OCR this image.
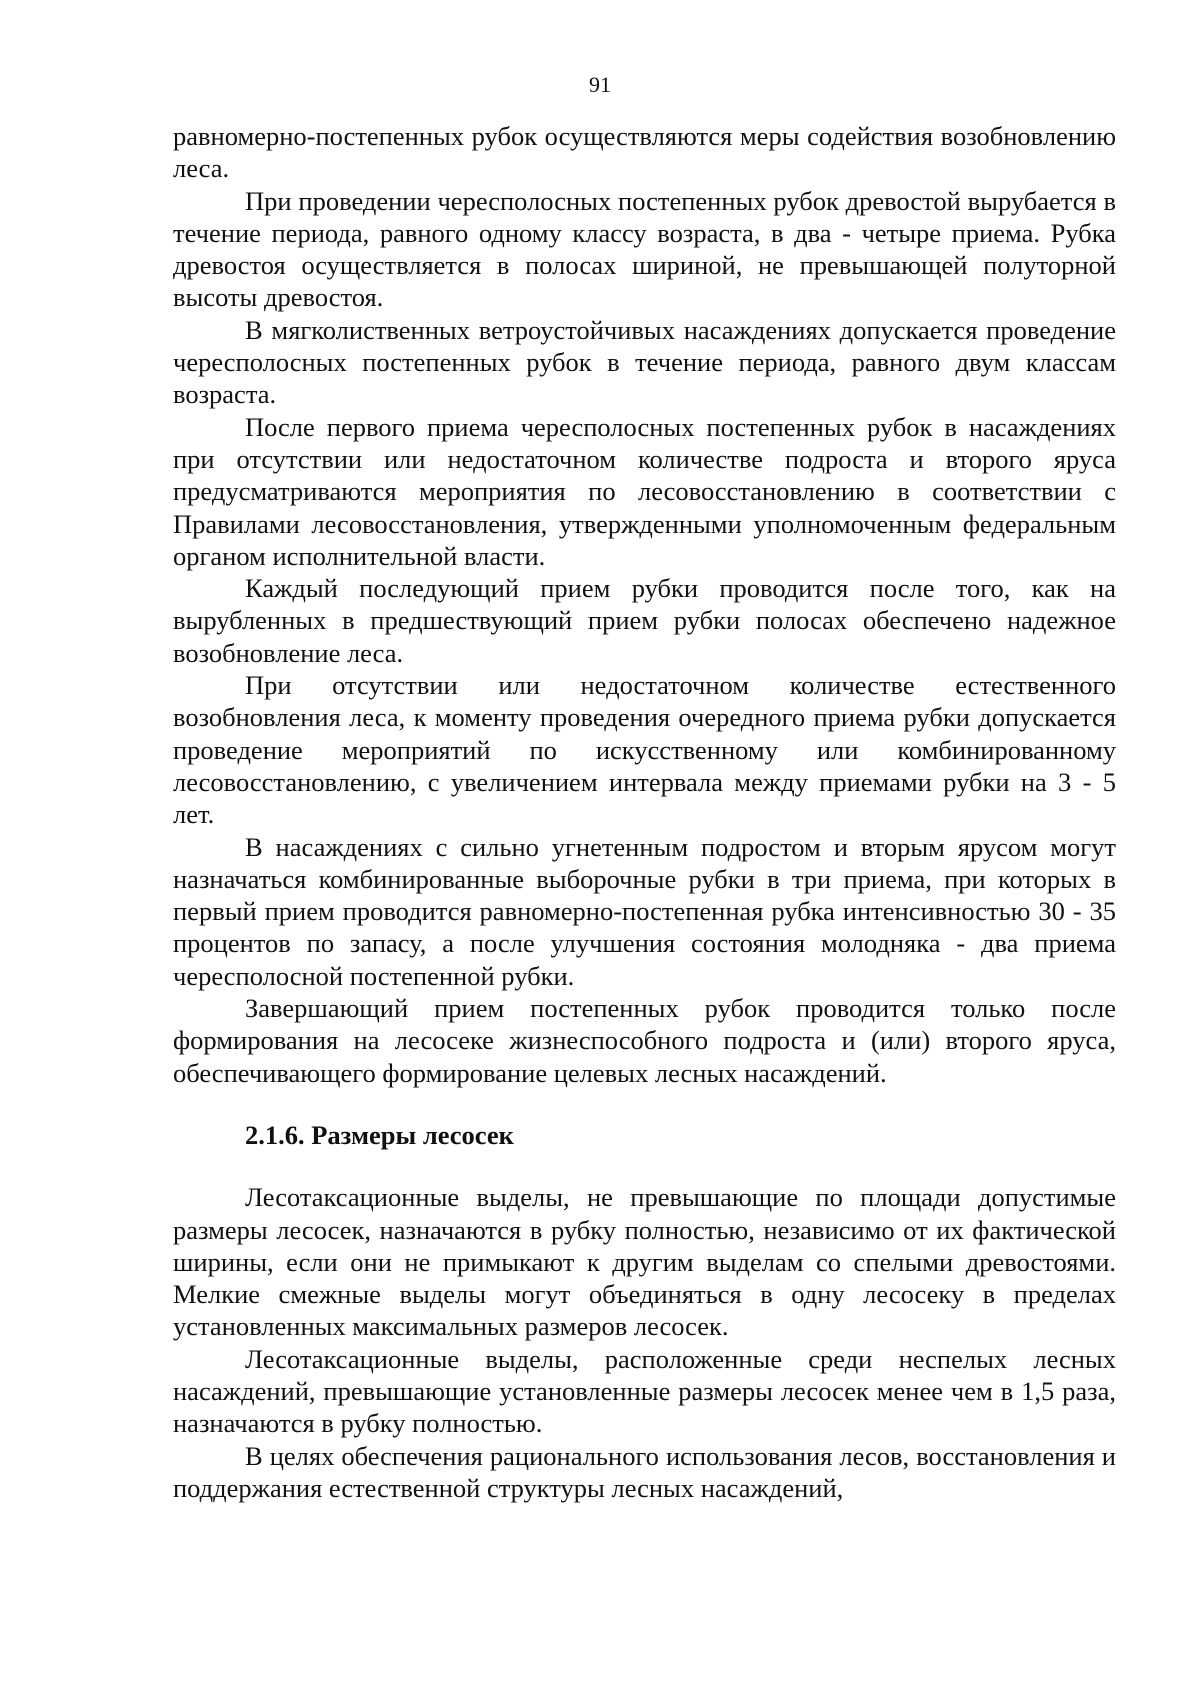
91

равномерно-постепенных рубок осуществляются меры содействия возобновлению леса.

При проведении чересполосных постепенных рубок древостой вырубается в течение периода, равного одному классу возраста, в два - четыре приема. Рубка древостоя осуществляется в полосах шириной, не превышающей полуторной высоты древостоя.

В мягколиственных ветроустойчивых насаждениях допускается проведение чересполосных постепенных рубок в течение периода, равного двум классам возраста.

После первого приема чересполосных постепенных рубок в насаждениях при отсутствии или недостаточном количестве подроста и второго яруса предусматриваются мероприятия по лесовосстановлению в соответствии с Правилами лесовосстановления, утвержденными уполномоченным федеральным органом исполнительной власти.

Каждый последующий прием рубки проводится после того, как на вырубленных в предшествующий прием рубки полосах обеспечено надежное возобновление леса.

При отсутствии или недостаточном количестве естественного возобновления леса, к моменту проведения очередного приема рубки допускается проведение мероприятий по искусственному или комбинированному лесовосстановлению, с увеличением интервала между приемами рубки на 3 - 5 лет.

В насаждениях с сильно угнетенным подростом и вторым ярусом могут назначаться комбинированные выборочные рубки в три приема, при которых в первый прием проводится равномерно-постепенная рубка интенсивностью 30 - 35 процентов по запасу, а после улучшения состояния молодняка - два приема чересполосной постепенной рубки.

Завершающий прием постепенных рубок проводится только после формирования на лесосеке жизнеспособного подроста и (или) второго яруса, обеспечивающего формирование целевых лесных насаждений.

2.1.6. Размеры лесосек

Лесотаксационные выделы, не превышающие по площади допустимые размеры лесосек, назначаются в рубку полностью, независимо от их фактической ширины, если они не примыкают к другим выделам со спелыми древостоями. Мелкие смежные выделы могут объединяться в одну лесосеку в пределах установленных максимальных размеров лесосек.

Лесотаксационные выделы, расположенные среди неспелых лесных насаждений, превышающие установленные размеры лесосек менее чем в 1,5 раза, назначаются в рубку полностью.

В целях обеспечения рационального использования лесов, восстановления и поддержания естественной структуры лесных насаждений,
